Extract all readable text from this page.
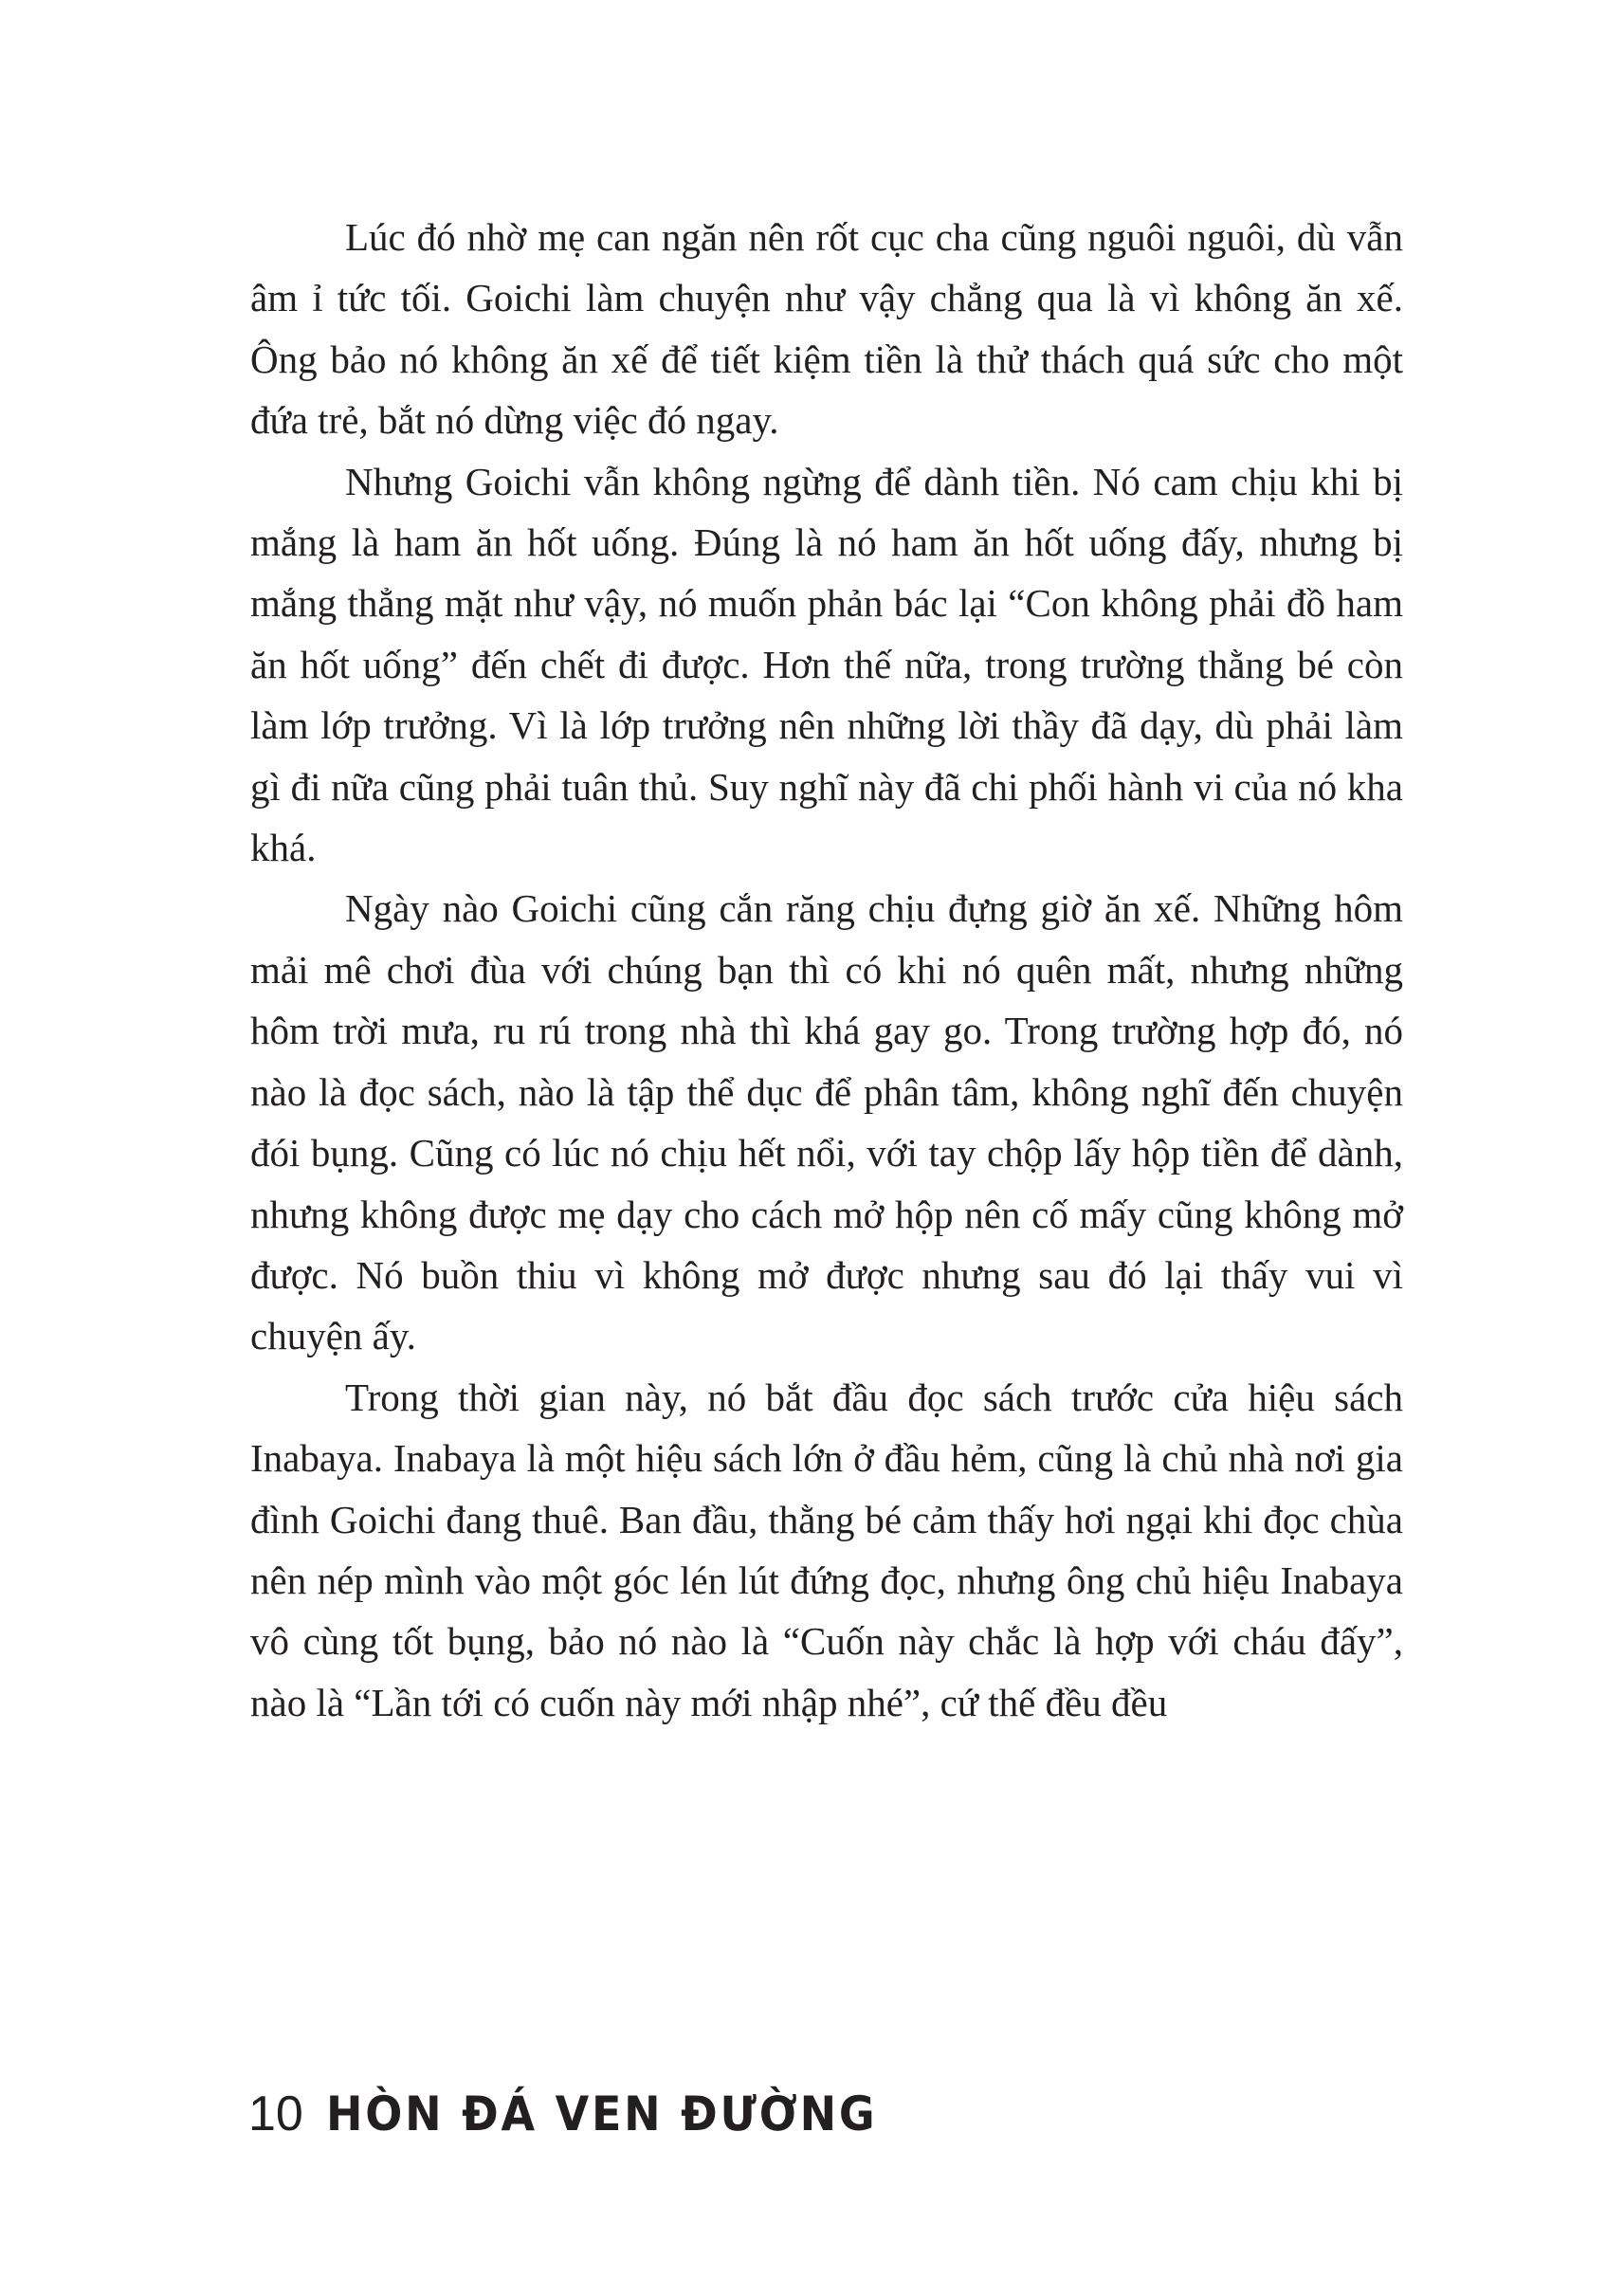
Lúc đó nhờ mẹ can ngăn nên rốt cục cha cũng nguôi nguôi, dù vẫn âm ỉ tức tối. Goichi làm chuyện như vậy chẳng qua là vì không ăn xế. Ông bảo nó không ăn xế để tiết kiệm tiền là thử thách quá sức cho một đứa trẻ, bắt nó dừng việc đó ngay.

Nhưng Goichi vẫn không ngừng để dành tiền. Nó cam chịu khi bị mắng là ham ăn hốt uống. Đúng là nó ham ăn hốt uống đấy, nhưng bị mắng thẳng mặt như vậy, nó muốn phản bác lại “Con không phải đồ ham ăn hốt uống” đến chết đi được. Hơn thế nữa, trong trường thằng bé còn làm lớp trưởng. Vì là lớp trưởng nên những lời thầy đã dạy, dù phải làm gì đi nữa cũng phải tuân thủ. Suy nghĩ này đã chi phối hành vi của nó kha khá.

Ngày nào Goichi cũng cắn răng chịu đựng giờ ăn xế. Những hôm mải mê chơi đùa với chúng bạn thì có khi nó quên mất, nhưng những hôm trời mưa, ru rú trong nhà thì khá gay go. Trong trường hợp đó, nó nào là đọc sách, nào là tập thể dục để phân tâm, không nghĩ đến chuyện đói bụng. Cũng có lúc nó chịu hết nổi, với tay chộp lấy hộp tiền để dành, nhưng không được mẹ dạy cho cách mở hộp nên cố mấy cũng không mở được. Nó buồn thiu vì không mở được nhưng sau đó lại thấy vui vì chuyện ấy.

Trong thời gian này, nó bắt đầu đọc sách trước cửa hiệu sách Inabaya. Inabaya là một hiệu sách lớn ở đầu hẻm, cũng là chủ nhà nơi gia đình Goichi đang thuê. Ban đầu, thằng bé cảm thấy hơi ngại khi đọc chùa nên nép mình vào một góc lén lút đứng đọc, nhưng ông chủ hiệu Inabaya vô cùng tốt bụng, bảo nó nào là “Cuốn này chắc là hợp với cháu đấy”, nào là “Lần tới có cuốn này mới nhập nhé”, cứ thế đều đều

10 HÒN ĐÁ VEN ĐƯỜNG
